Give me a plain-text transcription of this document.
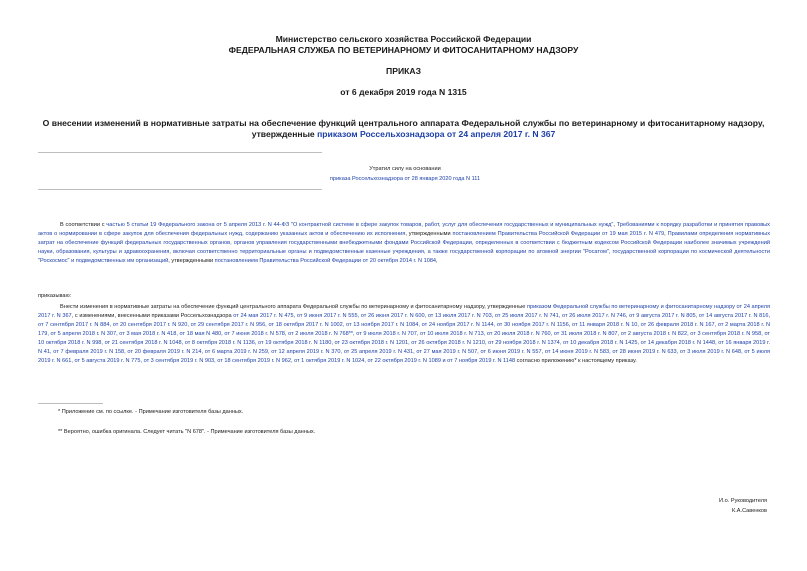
Министерство сельского хозяйства Российской Федерации
ФЕДЕРАЛЬНАЯ СЛУЖБА ПО ВЕТЕРИНАРНОМУ И ФИТОСАНИТАРНОМУ НАДЗОРУ
ПРИКАЗ
от 6 декабря 2019 года N 1315
О внесении изменений в нормативные затраты на обеспечение функций центрального аппарата Федеральной службы по ветеринарному и фитосанитарному надзору, утвержденные приказом Россельхознадзора от 24 апреля 2017 г. N 367
Утратил силу на основании
приказа Россельхознадзора от 28 января 2020 года N 111
В соответствии с частью 5 статьи 19 Федерального закона от 5 апреля 2013 г. N 44-ФЗ "О контрактной системе в сфере закупок товаров, работ, услуг для обеспечения государственных и муниципальных нужд", Требованиями к порядку разработки и принятия правовых актов о нормировании в сфере закупок для обеспечения федеральных нужд, содержанию указанных актов и обеспечению их исполнения, утвержденными постановлением Правительства Российской Федерации от 19 мая 2015 г. N 479, Правилами определения нормативных затрат на обеспечение функций федеральных государственных органов, органов управления государственными внебюджетными фондами Российской Федерации, определенных в соответствии с бюджетным кодексом Российской Федерации наиболее значимых учреждений науки, образования, культуры и здравоохранения, включая соответственно территориальные органы и подведомственные казенные учреждения, а также государственной корпорации по атомной энергии "Росатом", государственной корпорации по космической деятельности "Роскосмос" и подведомственных им организаций, утвержденными постановлением Правительства Российской Федерации от 20 октября 2014 г. N 1084,
приказываю:
Внести изменения в нормативные затраты на обеспечение функций центрального аппарата Федеральной службы по ветеринарному и фитосанитарному надзору, утвержденные приказом Федеральной службы по ветеринарному и фитосанитарному надзору от 24 апреля 2017 г. N 367, с изменениями, внесенными приказами Россельхознадзора от 24 мая 2017 г. N 475, от 9 июня 2017 г. N 555, от 26 июня 2017 г. N 600, от 13 июля 2017 г. N 703, от 25 июля 2017 г. N 741, от 26 июля 2017 г. N 746, от 9 августа 2017 г. N 805, от 14 августа 2017 г. N 816, от 7 сентября 2017 г. N 884, от 20 сентября 2017 г. N 920, от 29 сентября 2017 г. N 956, от 18 октября 2017 г. N 1002, от 13 ноября 2017 г. N 1084, от 24 ноября 2017 г. N 1144, от 30 ноября 2017 г. N 1156, от 11 января 2018 г. N 10, от 26 февраля 2018 г. N 167, от 2 марта 2018 г. N 179, от 5 апреля 2018 г. N 307, от 3 мая 2018 г. N 418, от 18 мая N 480, от 7 июня 2018 г. N 578, от 2 июля 2018 г. N 768**, от 9 июля 2018 г. N 707, от 10 июля 2018 г. N 713, от 20 июля 2018 г. N 760, от 31 июля 2018 г. N 807, от 2 августа 2018 г. N 822, от 3 сентября 2018 г. N 958, от 10 октября 2018 г. N 998, от 21 сентября 2018 г. N 1048, от 8 октября 2018 г. N 1136, от 19 октября 2018 г. N 1180, от 23 октября 2018 г. N 1201, от 26 октября 2018 г. N 1210, от 29 ноября 2018 г. N 1374, от 10 декабря 2018 г. N 1425, от 14 декабря 2018 г. N 1448, от 16 января 2019 г. N 41, от 7 февраля 2019 г. N 158, от 20 февраля 2019 г. N 214, от 6 марта 2019 г. N 259, от 12 апреля 2019 г. N 370, от 25 апреля 2019 г. N 431, от 27 мая 2019 г. N 507, от 6 июня 2019 г. N 557, от 14 июня 2019 г. N 583, от 28 июня 2019 г. N 633, от 3 июля 2019 г. N 648, от 5 июля 2019 г. N 661, от 5 августа 2019 г. N 775, от 3 сентября 2019 г. N 903, от 18 сентября 2019 г. N 962, от 1 октября 2019 г. N 1024, от 22 октября 2019 г. N 1089 и от 7 ноября 2019 г. N 1148 согласно приложению* к настоящему приказу.
* Приложение см. по ссылке. - Примечание изготовителя базы данных.
** Вероятно, ошибка оригинала. Следует читать "N 678". - Примечание изготовителя базы данных.
И.о. Руководителя
К.А.Савенков
